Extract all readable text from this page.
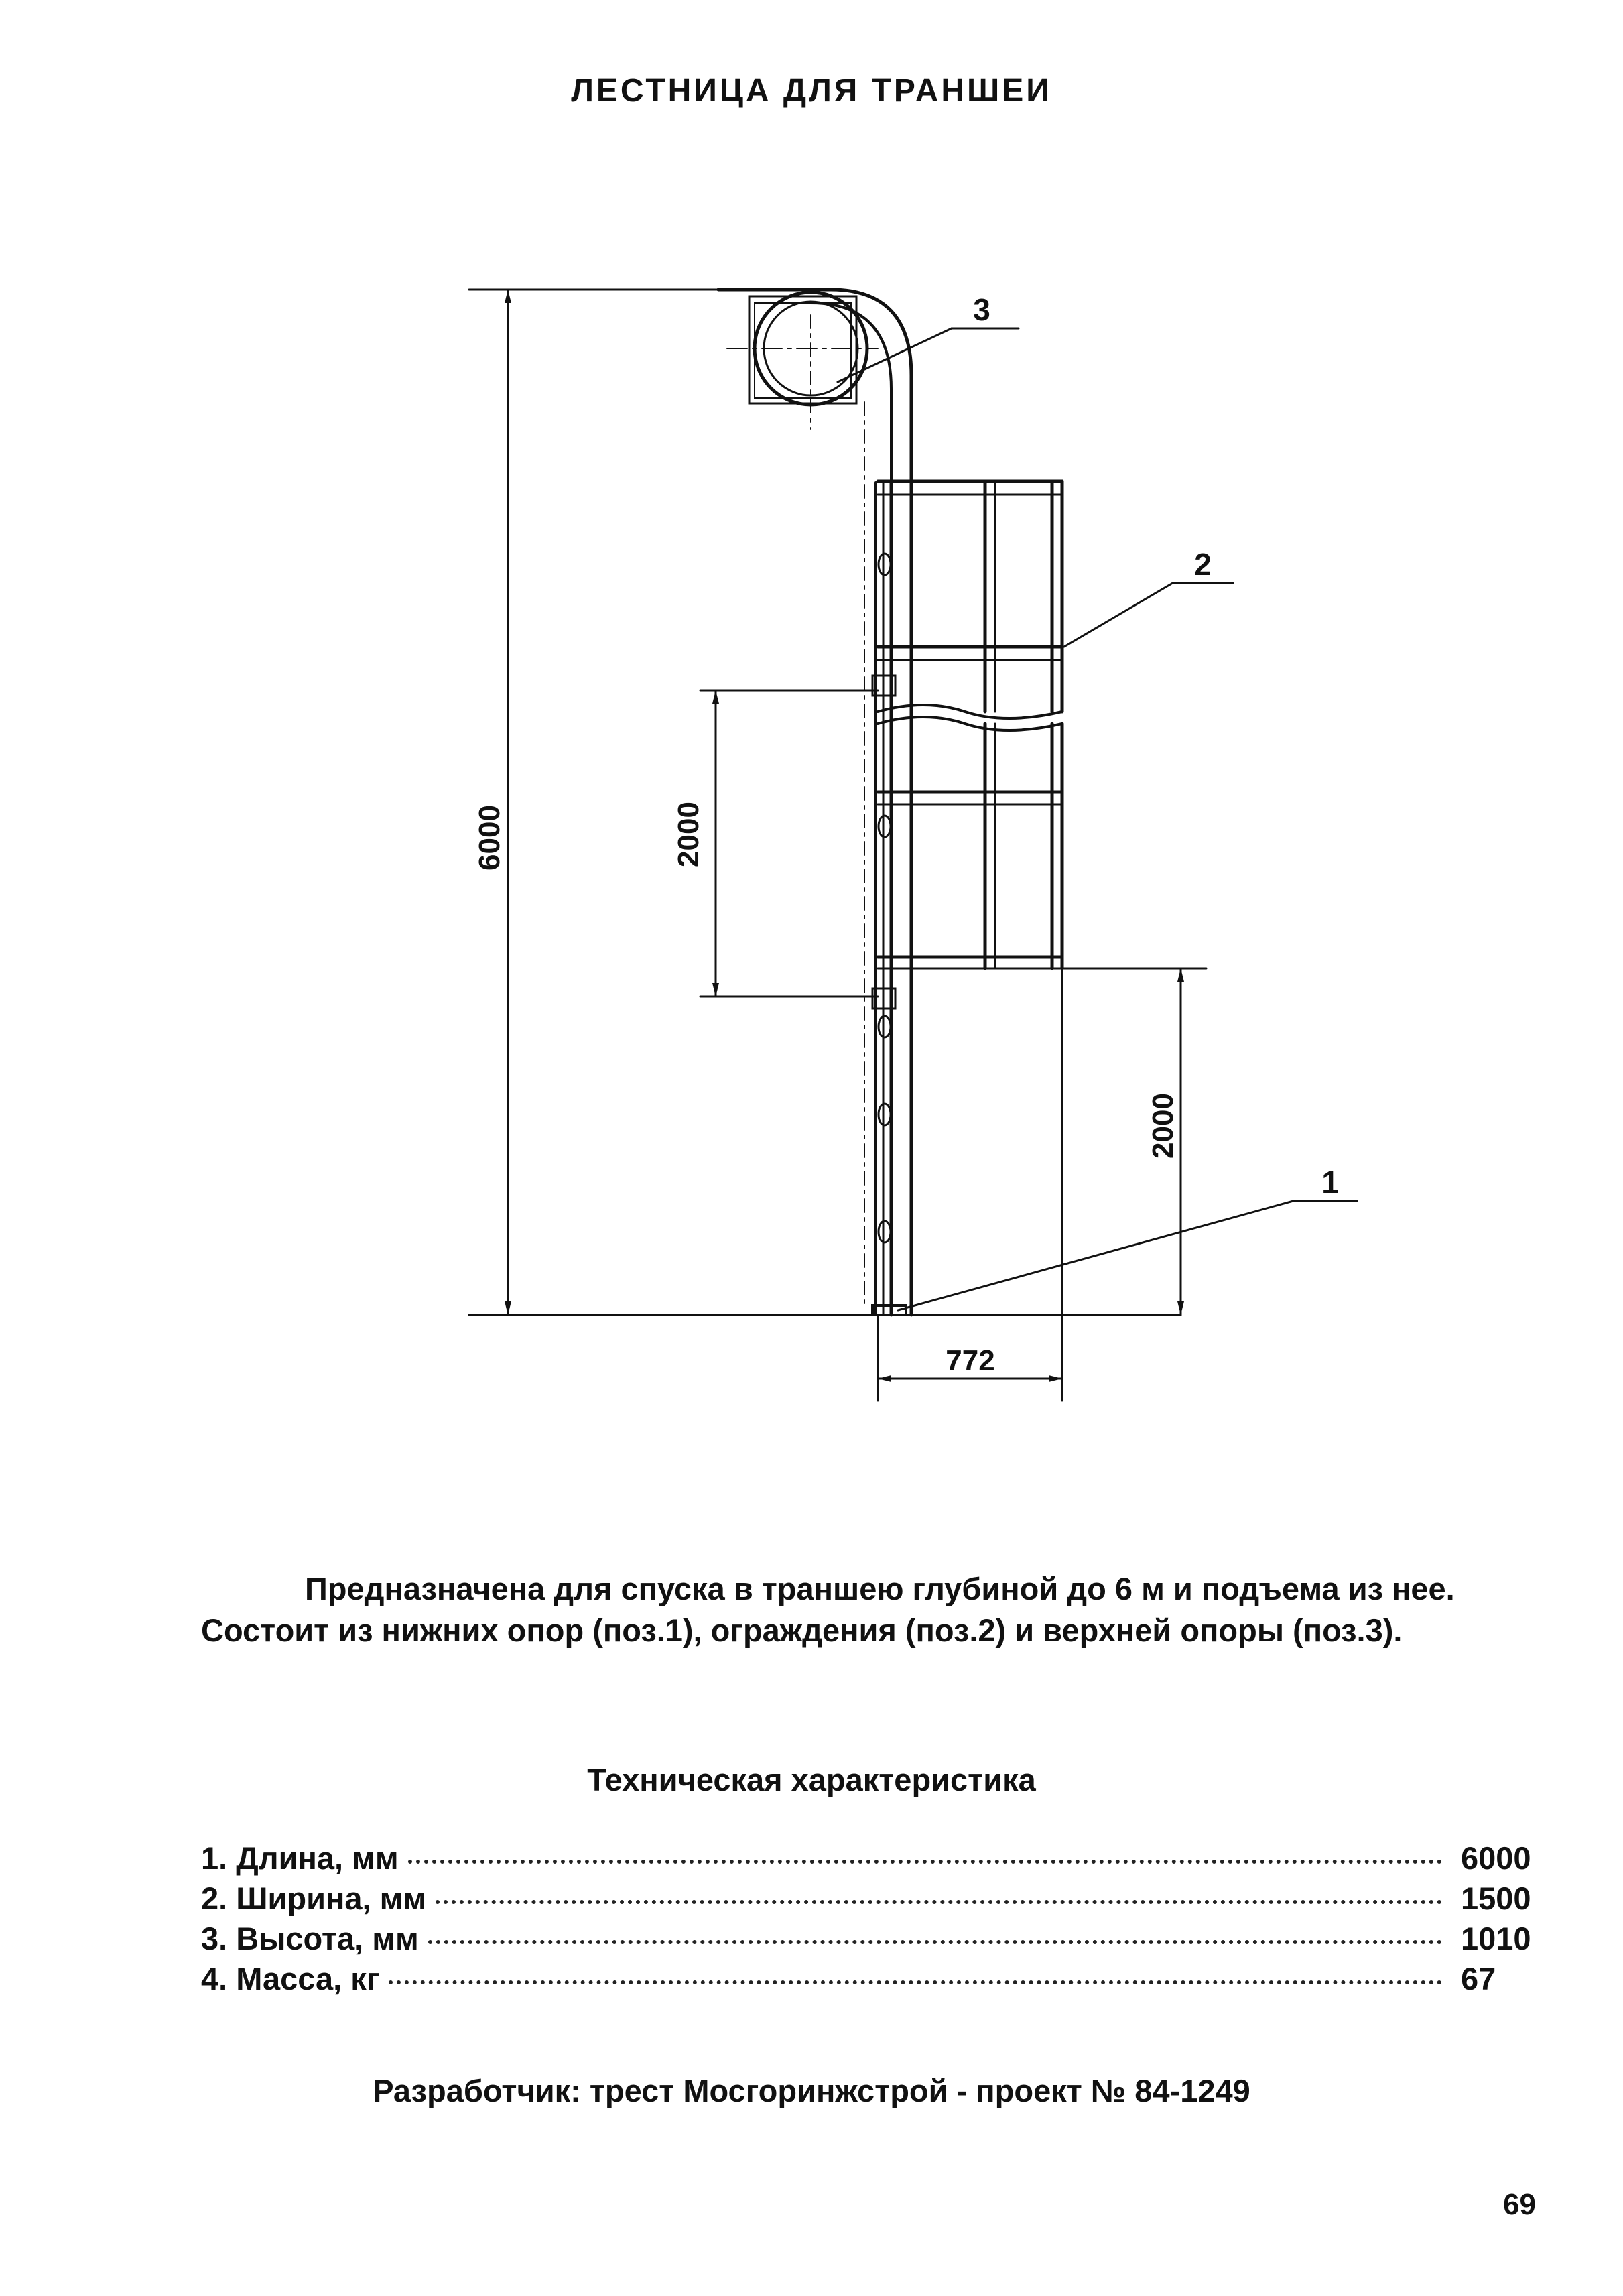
ЛЕСТНИЦА ДЛЯ ТРАНШЕИ
6000	2000
2000
772
3
2
1
Предназначена для спуска в траншею глубиной до 6 м и подъема из нее. Состоит из нижних опор (поз.1), ограждения (поз.2) и верхней опоры (поз.3).
Техническая характеристика
1. Длина, мм	6000
2. Ширина, мм	1500
3. Высота, мм	1010
4. Масса, кг	67
Разработчик: трест Мосгоринжстрой - проект № 84-1249
69
